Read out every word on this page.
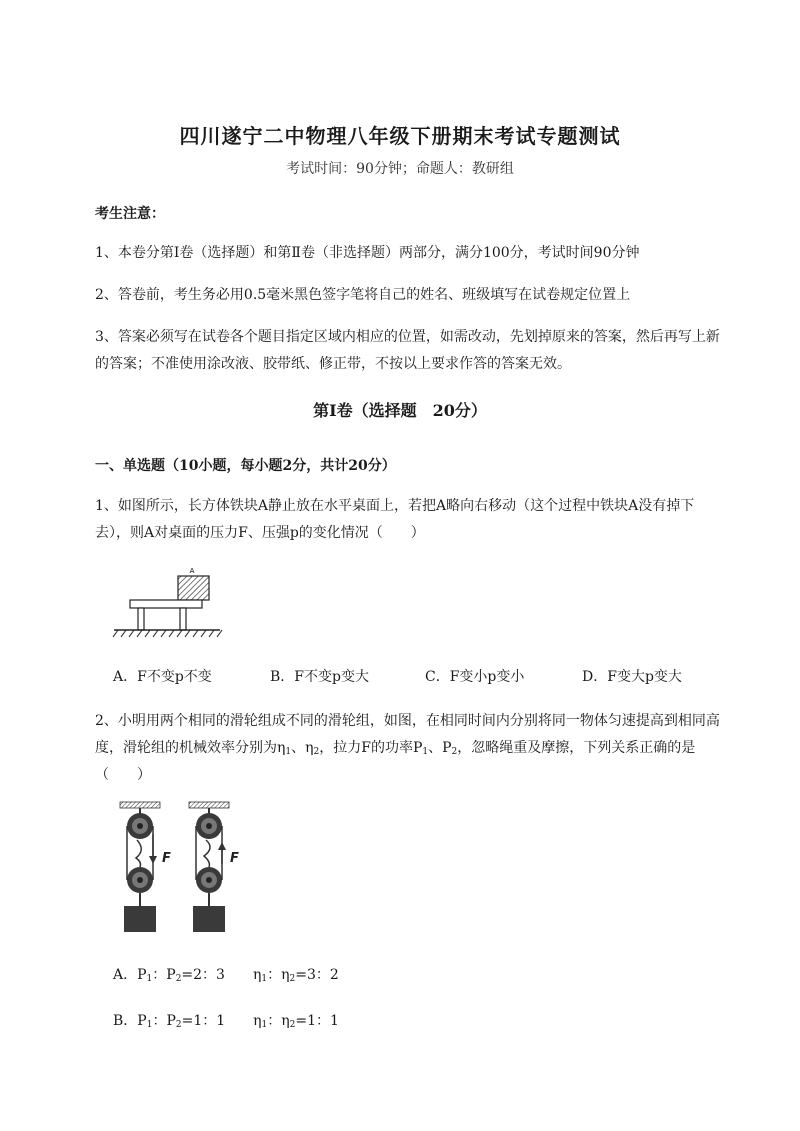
四川遂宁二中物理八年级下册期末考试专题测试
考试时间：90分钟；命题人：教研组
考生注意：
1、本卷分第I卷（选择题）和第Ⅱ卷（非选择题）两部分，满分100分，考试时间90分钟
2、答卷前，考生务必用0.5毫米黑色签字笔将自己的姓名、班级填写在试卷规定位置上
3、答案必须写在试卷各个题目指定区域内相应的位置，如需改动，先划掉原来的答案，然后再写上新
的答案；不准使用涂改液、胶带纸、修正带，不按以上要求作答的答案无效。
第I卷（选择题　20分）
一、单选题（10小题，每小题2分，共计20分）
1、如图所示，长方体铁块A静止放在水平桌面上，若把A略向右移动（这个过程中铁块A没有掉下
去），则A对桌面的压力F、压强p的变化情况（　　）
A
A．F不变p不变	B．F不变p变大	C．F变小p变小	D．F变大p变大
2、小明用两个相同的滑轮组成不同的滑轮组，如图，在相同时间内分别将同一物体匀速提高到相同高
度，滑轮组的机械效率分别为$\eta_1$、$\eta_2$，拉力F的功率$P_1$、$P_2$，忽略绳重及摩擦，下列关系正确的是
（　　）
F	F
A．$P_1$：$P_2=2$：3　　$\eta_1$：$\eta_2=3$：2
B．$P_1$：$P_2=1$：1　　$\eta_1$：$\eta_2=1$：1
